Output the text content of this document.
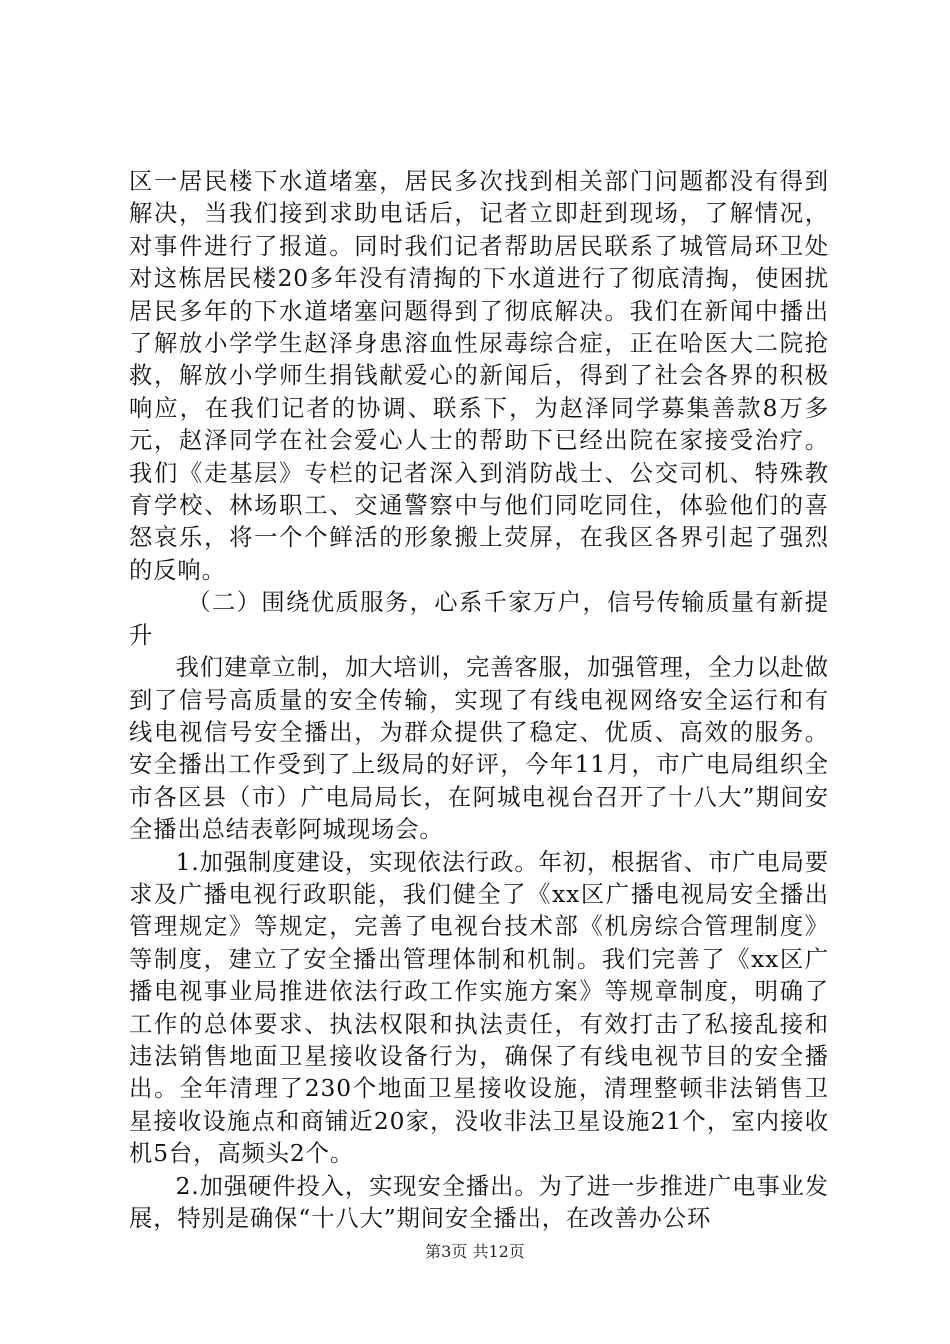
区一居民楼下水道堵塞，居民多次找到相关部门问题都没有得到解决，当我们接到求助电话后，记者立即赶到现场，了解情况，对事件进行了报道。同时我们记者帮助居民联系了城管局环卫处对这栋居民楼20多年没有清掏的下水道进行了彻底清掏，使困扰居民多年的下水道堵塞问题得到了彻底解决。我们在新闻中播出了解放小学学生赵泽身患溶血性尿毒综合症，正在哈医大二院抢救，解放小学师生捐钱献爱心的新闻后，得到了社会各界的积极响应，在我们记者的协调、联系下，为赵泽同学募集善款8万多元，赵泽同学在社会爱心人士的帮助下已经出院在家接受治疗。我们《走基层》专栏的记者深入到消防战士、公交司机、特殊教育学校、林场职工、交通警察中与他们同吃同住，体验他们的喜怒哀乐，将一个个鲜活的形象搬上荧屏，在我区各界引起了强烈的反响。

（二）围绕优质服务，心系千家万户，信号传输质量有新提升

我们建章立制，加大培训，完善客服，加强管理，全力以赴做到了信号高质量的安全传输，实现了有线电视网络安全运行和有线电视信号安全播出，为群众提供了稳定、优质、高效的服务。安全播出工作受到了上级局的好评，今年11月，市广电局组织全市各区县（市）广电局局长，在阿城电视台召开了十八大”期间安全播出总结表彰阿城现场会。

1.加强制度建设，实现依法行政。年初，根据省、市广电局要求及广播电视行政职能，我们健全了《xx区广播电视局安全播出管理规定》等规定，完善了电视台技术部《机房综合管理制度》等制度，建立了安全播出管理体制和机制。我们完善了《xx区广播电视事业局推进依法行政工作实施方案》等规章制度，明确了工作的总体要求、执法权限和执法责任，有效打击了私接乱接和违法销售地面卫星接收设备行为，确保了有线电视节目的安全播出。全年清理了230个地面卫星接收设施，清理整顿非法销售卫星接收设施点和商铺近20家，没收非法卫星设施21个，室内接收机5台，高频头2个。

2.加强硬件投入，实现安全播出。为了进一步推进广电事业发展，特别是确保“十八大”期间安全播出，在改善办公环

第3页 共12页
